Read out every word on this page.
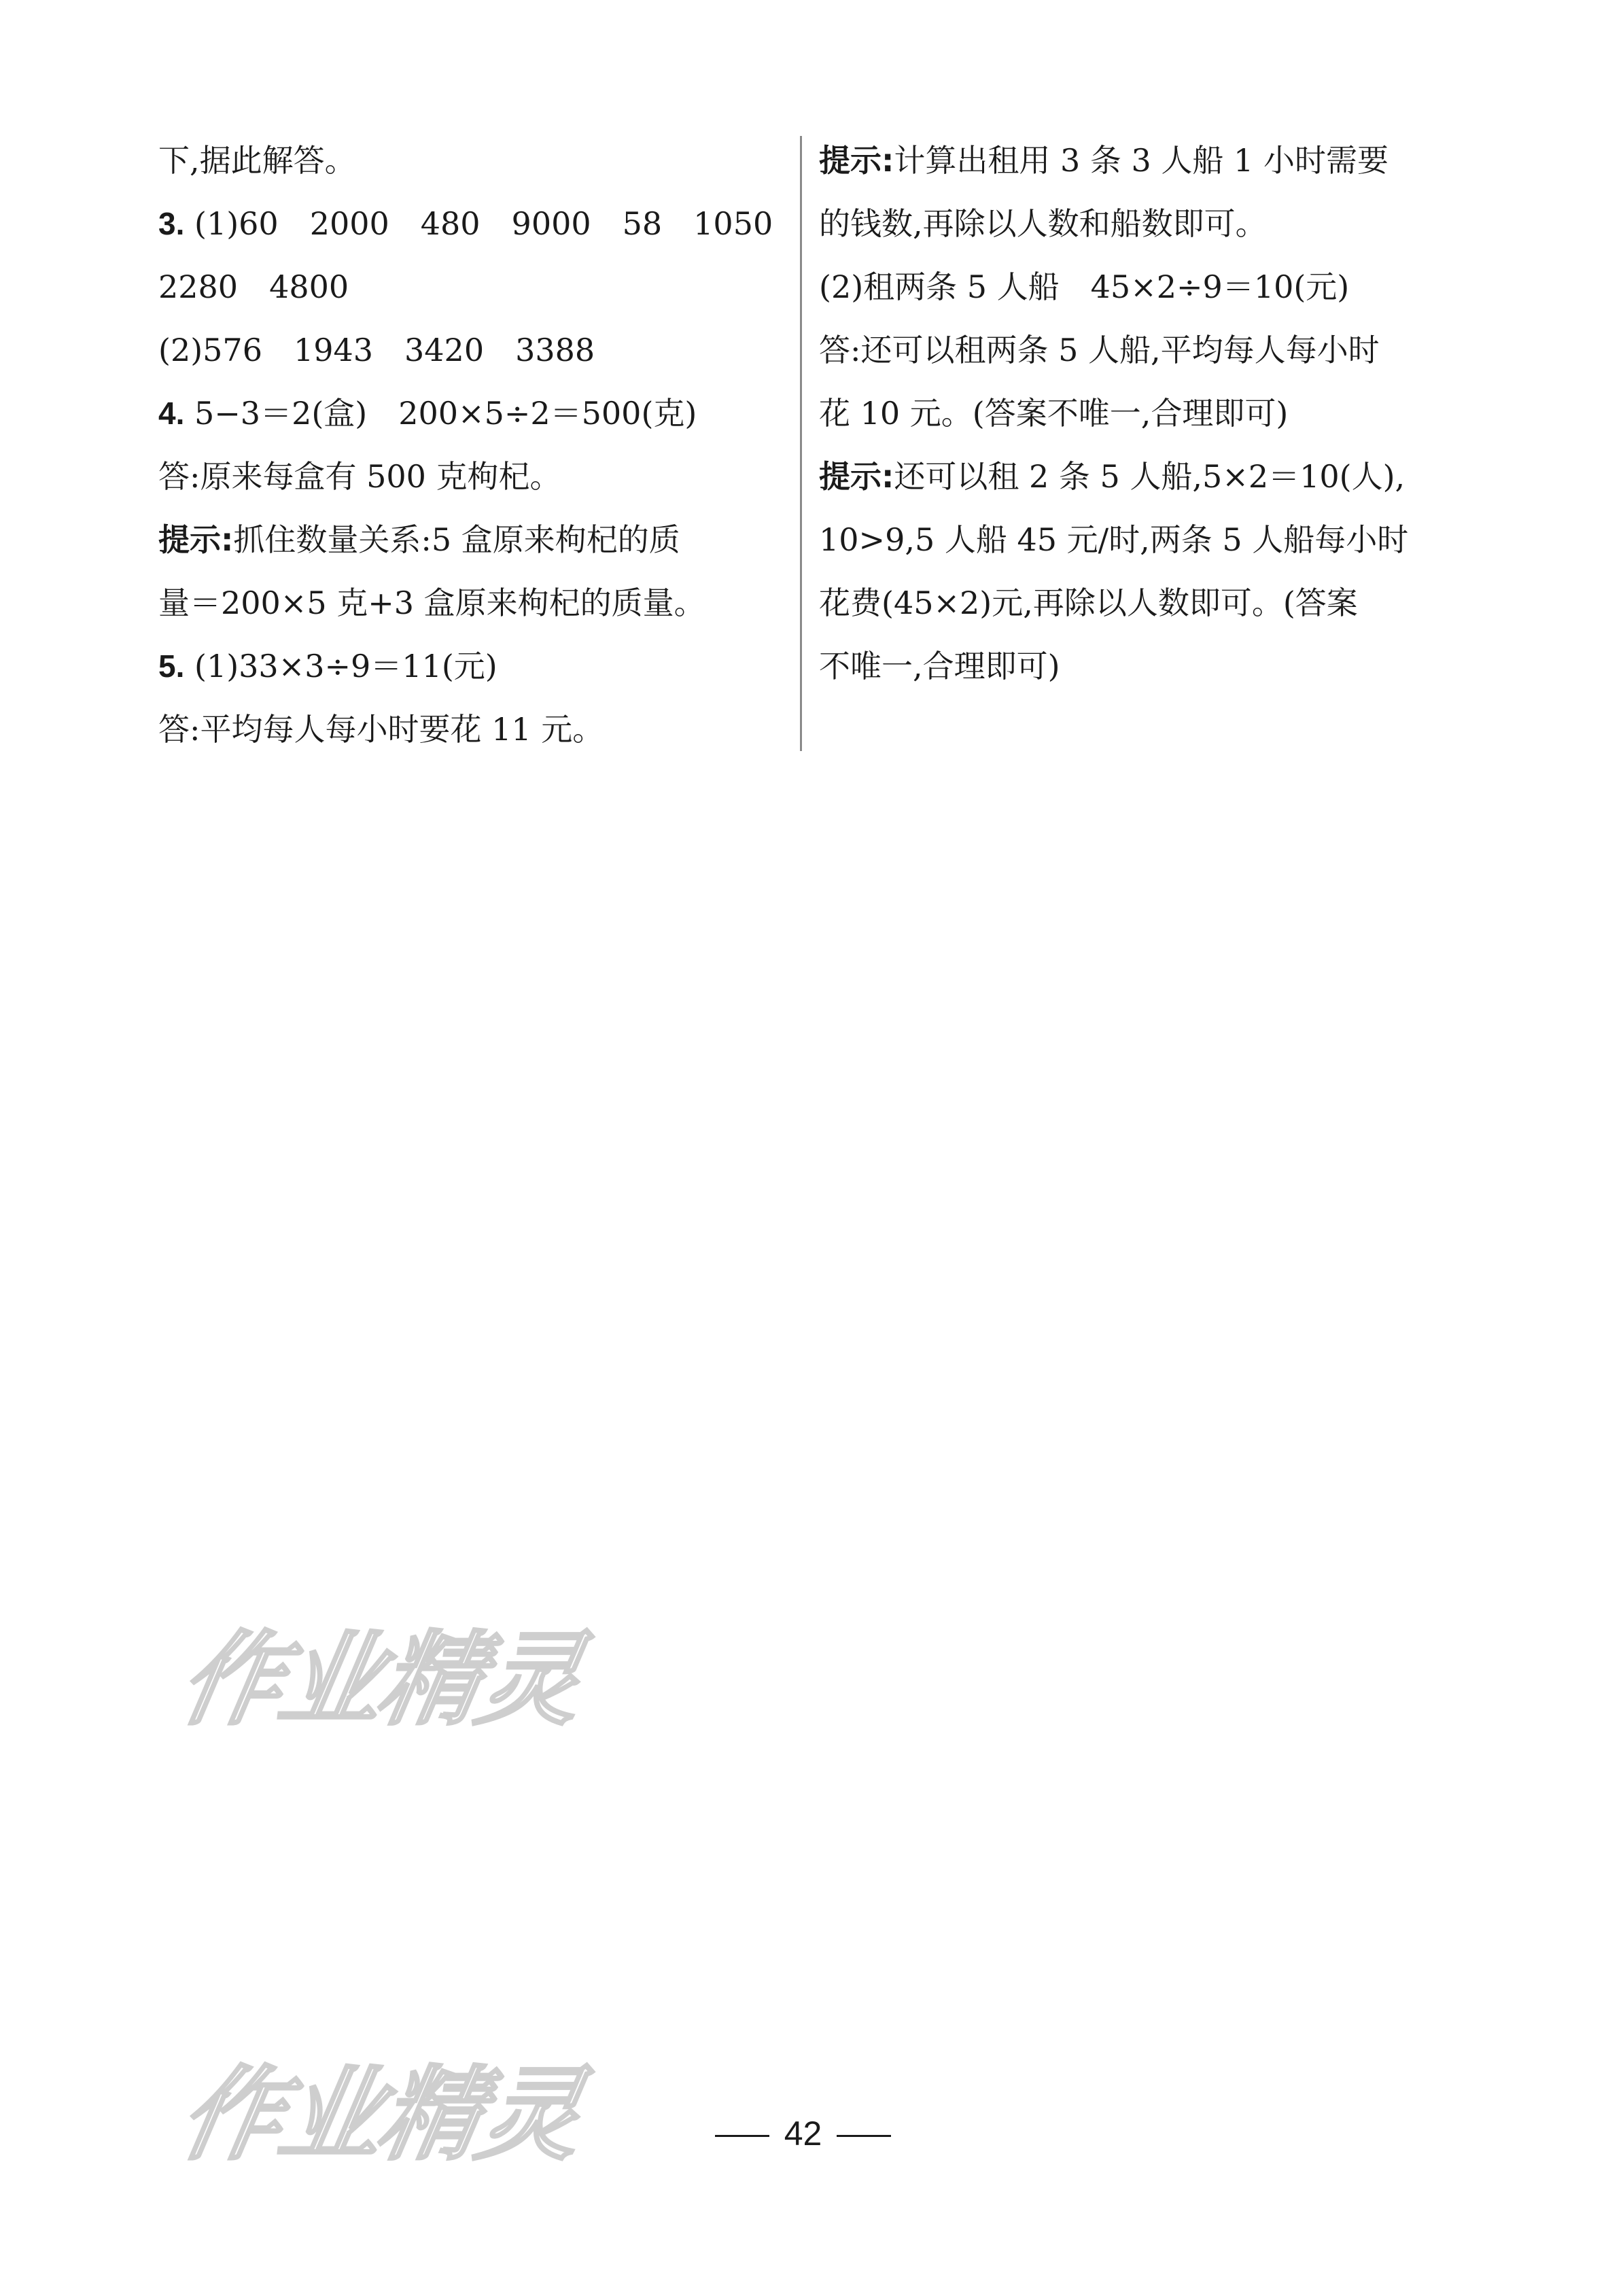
下,据此解答。
3. (1)60　2000　480　9000　58　1050
2280　4800
(2)576　1943　3420　3388
4. 5−3＝2(盒)　200×5÷2＝500(克)
答:原来每盒有 500 克枸杞。
提示:抓住数量关系:5 盒原来枸杞的质
量＝200×5 克+3 盒原来枸杞的质量。
5. (1)33×3÷9＝11(元)
答:平均每人每小时要花 11 元。
提示:计算出租用 3 条 3 人船 1 小时需要
的钱数,再除以人数和船数即可。
(2)租两条 5 人船　45×2÷9＝10(元)
答:还可以租两条 5 人船,平均每人每小时
花 10 元。(答案不唯一,合理即可)
提示:还可以租 2 条 5 人船,5×2＝10(人),
10>9,5 人船 45 元/时,两条 5 人船每小时
花费(45×2)元,再除以人数即可。(答案
不唯一,合理即可)
作业精灵
作业精灵	42
